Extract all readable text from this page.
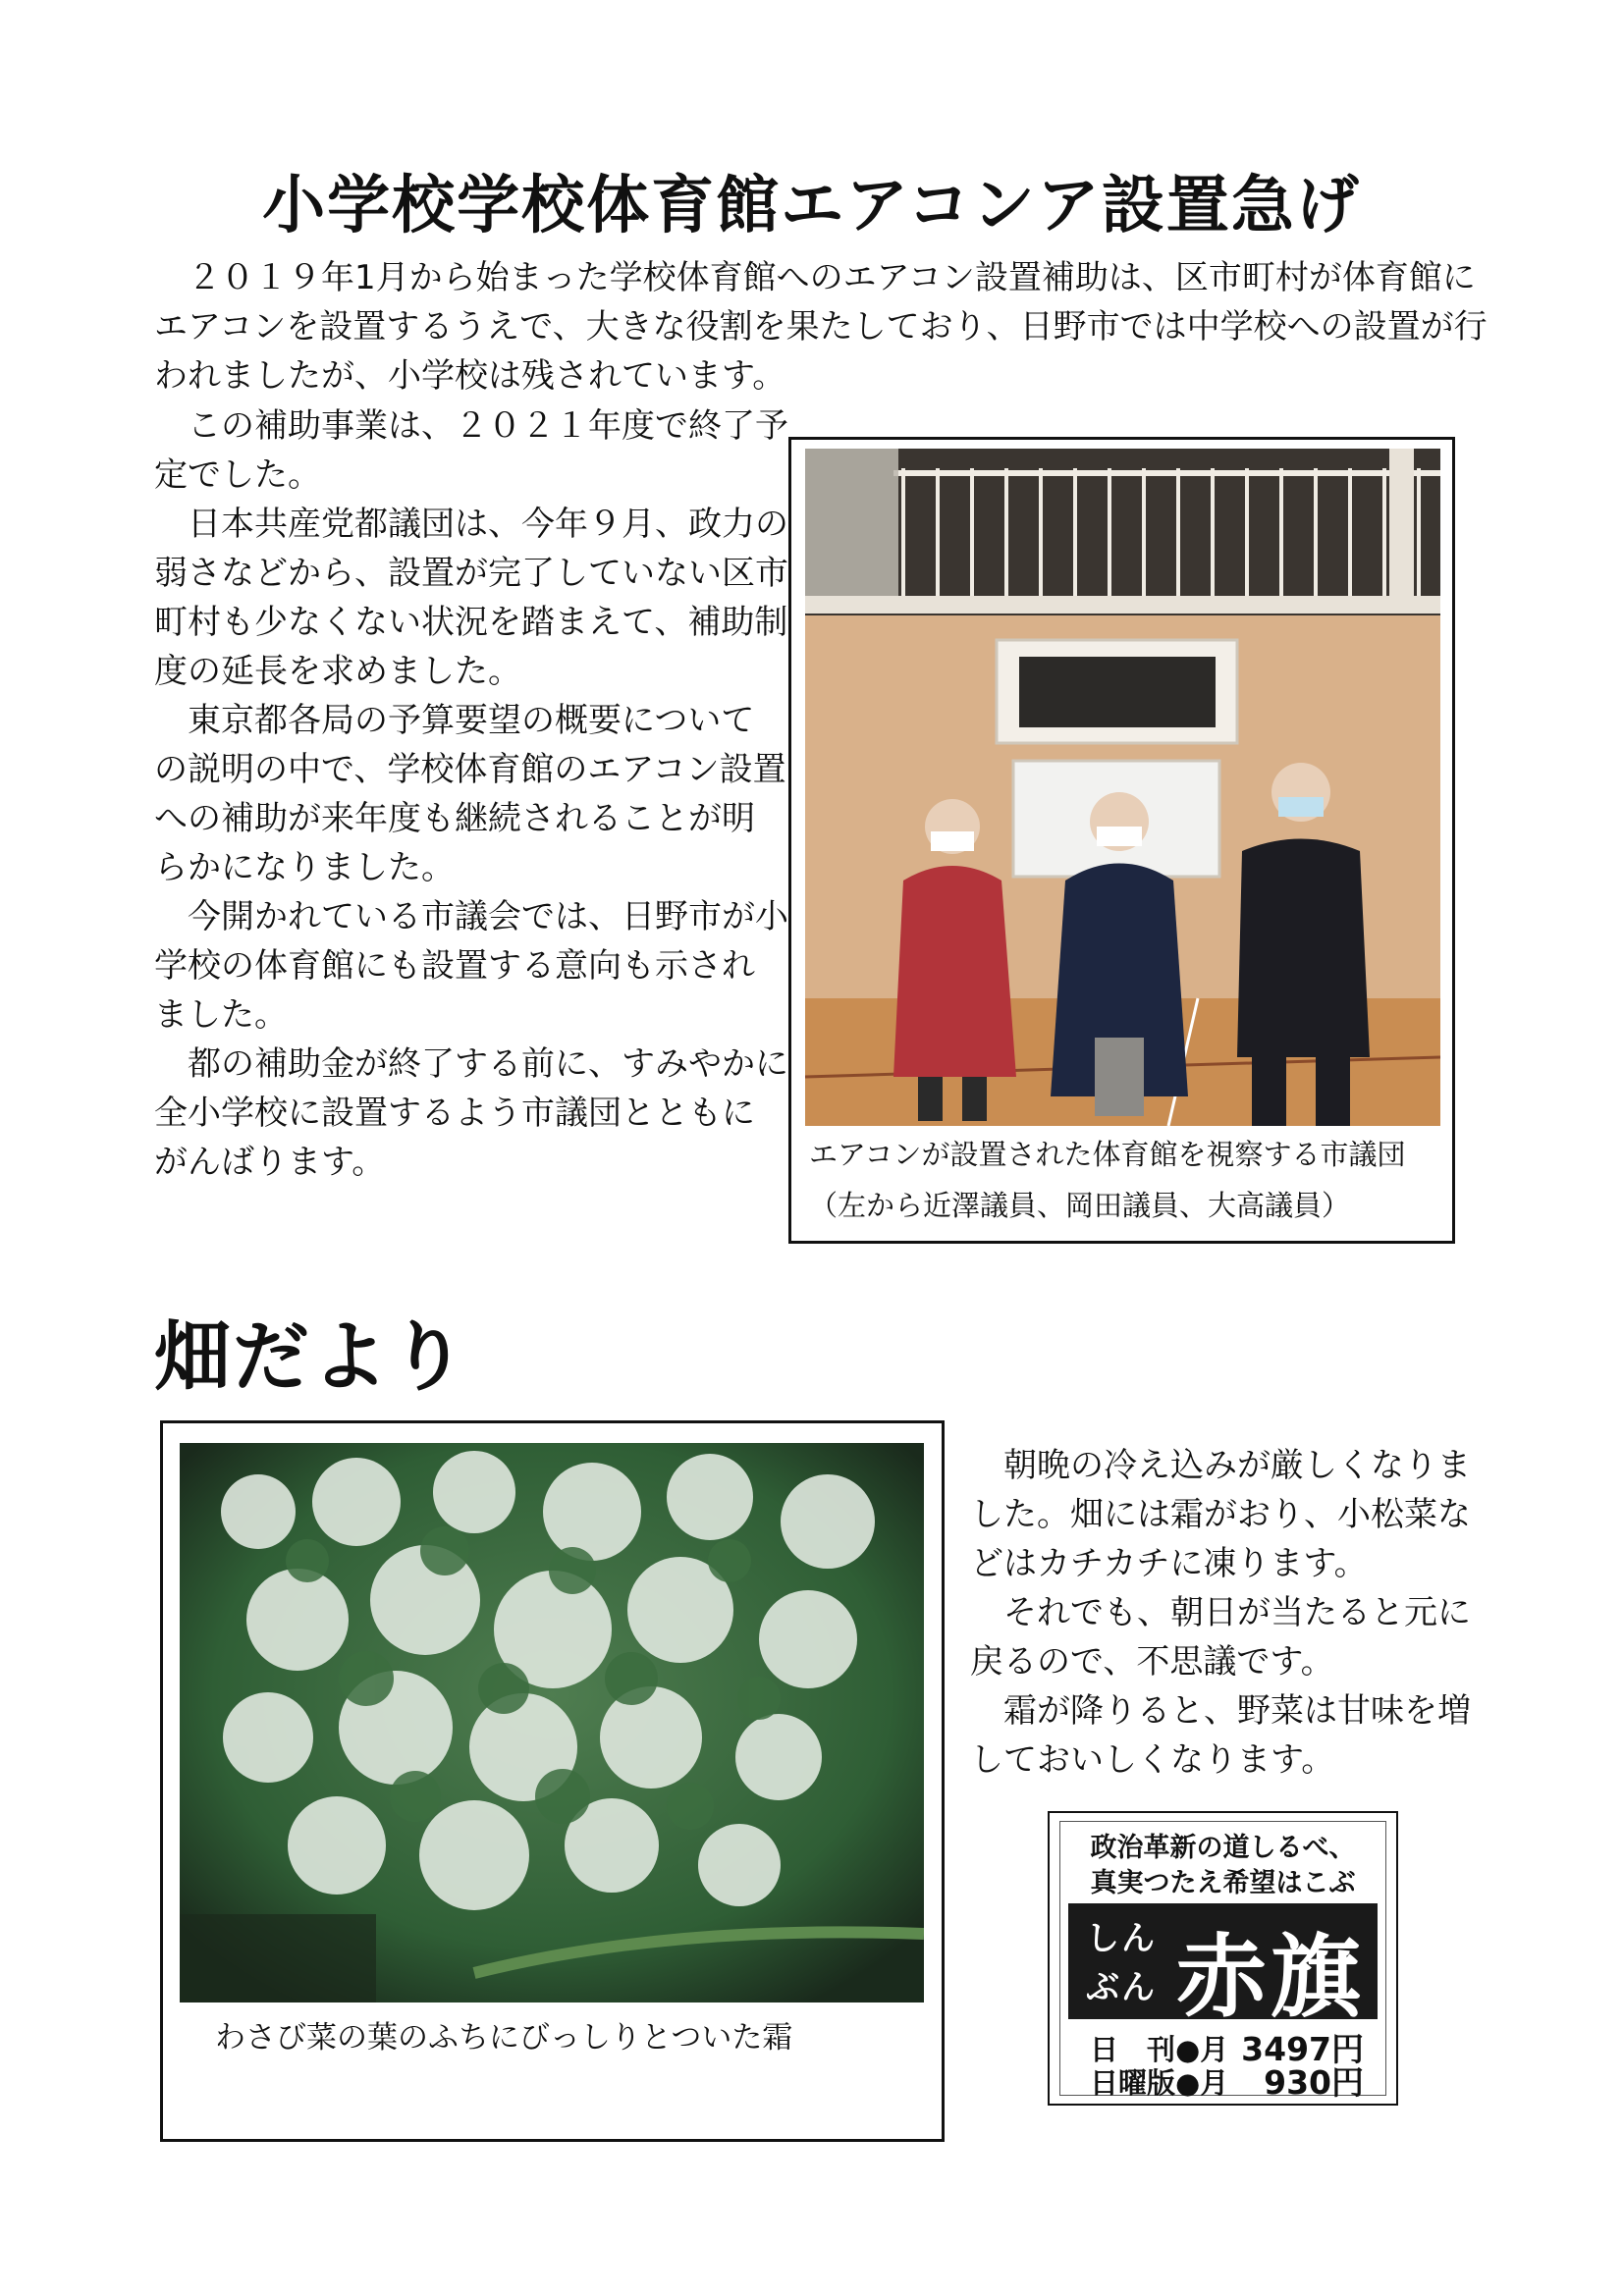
小学校学校体育館エアコンア設置急げ

　２０１９年1月から始まった学校体育館へのエアコン設置補助は、区市町村が体育館に

エアコンを設置するうえで、大きな役割を果たしており、日野市では中学校への設置が行

われましたが、小学校は残されています。

　この補助事業は、２０２１年度で終了予

定でした。

　日本共産党都議団は、今年９月、政力の

弱さなどから、設置が完了していない区市

町村も少なくない状況を踏まえて、補助制

度の延長を求めました。

　東京都各局の予算要望の概要について

の説明の中で、学校体育館のエアコン設置

への補助が来年度も継続されることが明

らかになりました。

　今開かれている市議会では、日野市が小

学校の体育館にも設置する意向も示され

ました。

　都の補助金が終了する前に、すみやかに

全小学校に設置するよう市議団とともに

がんばります。	エアコンが設置された体育館を視察する市議団
（左から近澤議員、岡田議員、大高議員）
畑だより
わさび菜の葉のふちにびっしりとついた霜

　朝晩の冷え込みが厳しくなりま

した。畑には霜がおり、小松菜な

どはカチカチに凍ります。

　それでも、朝日が当たると元に

戻るので、不思議です。

　霜が降りると、野菜は甘味を増

しておいしくなります。

政治革新の道しるべ、
真実つたえ希望はこぶ
しん
ぶん 赤旗
日　刊●月 3497円
日曜版●月 930円
